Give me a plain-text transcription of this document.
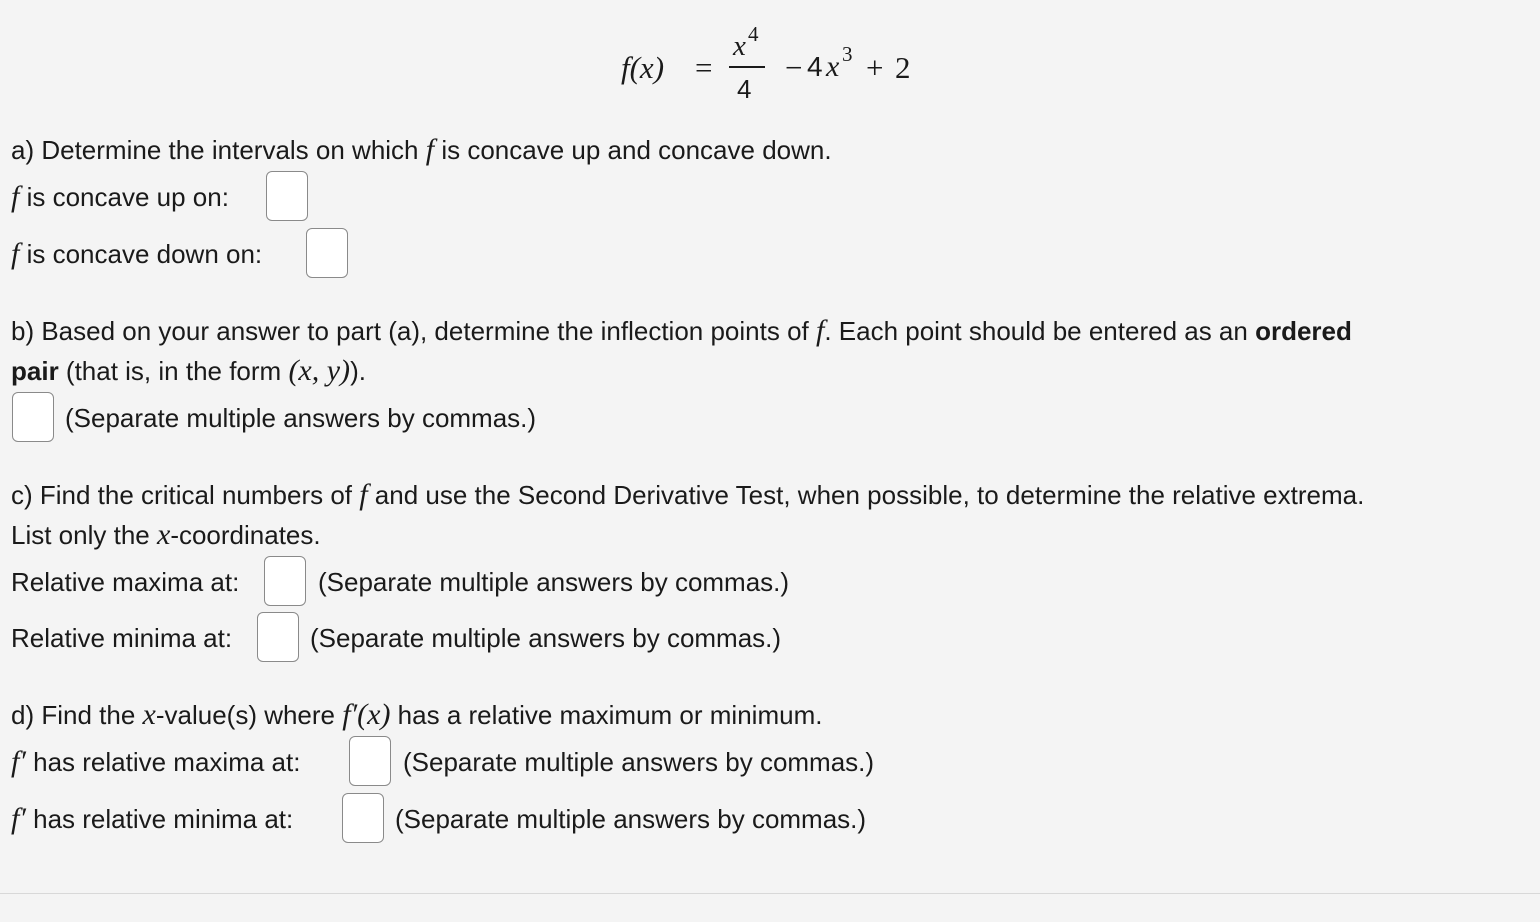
f(x) =
x 4
4
− 4 x 3 + 2
a) Determine the intervals on which f is concave up and concave down.
f is concave up on:
f is concave down on:
b) Based on your answer to part (a), determine the inflection points of f. Each point should be entered as an ordered
pair (that is, in the form (x, y)).
(Separate multiple answers by commas.)
c) Find the critical numbers of f and use the Second Derivative Test, when possible, to determine the relative extrema.
List only the x-coordinates.
Relative maxima at:	(Separate multiple answers by commas.)
Relative minima at:	(Separate multiple answers by commas.)
d) Find the x-value(s) where f′(x) has a relative maximum or minimum.
f′ has relative maxima at:	(Separate multiple answers by commas.)
f′ has relative minima at:	(Separate multiple answers by commas.)
